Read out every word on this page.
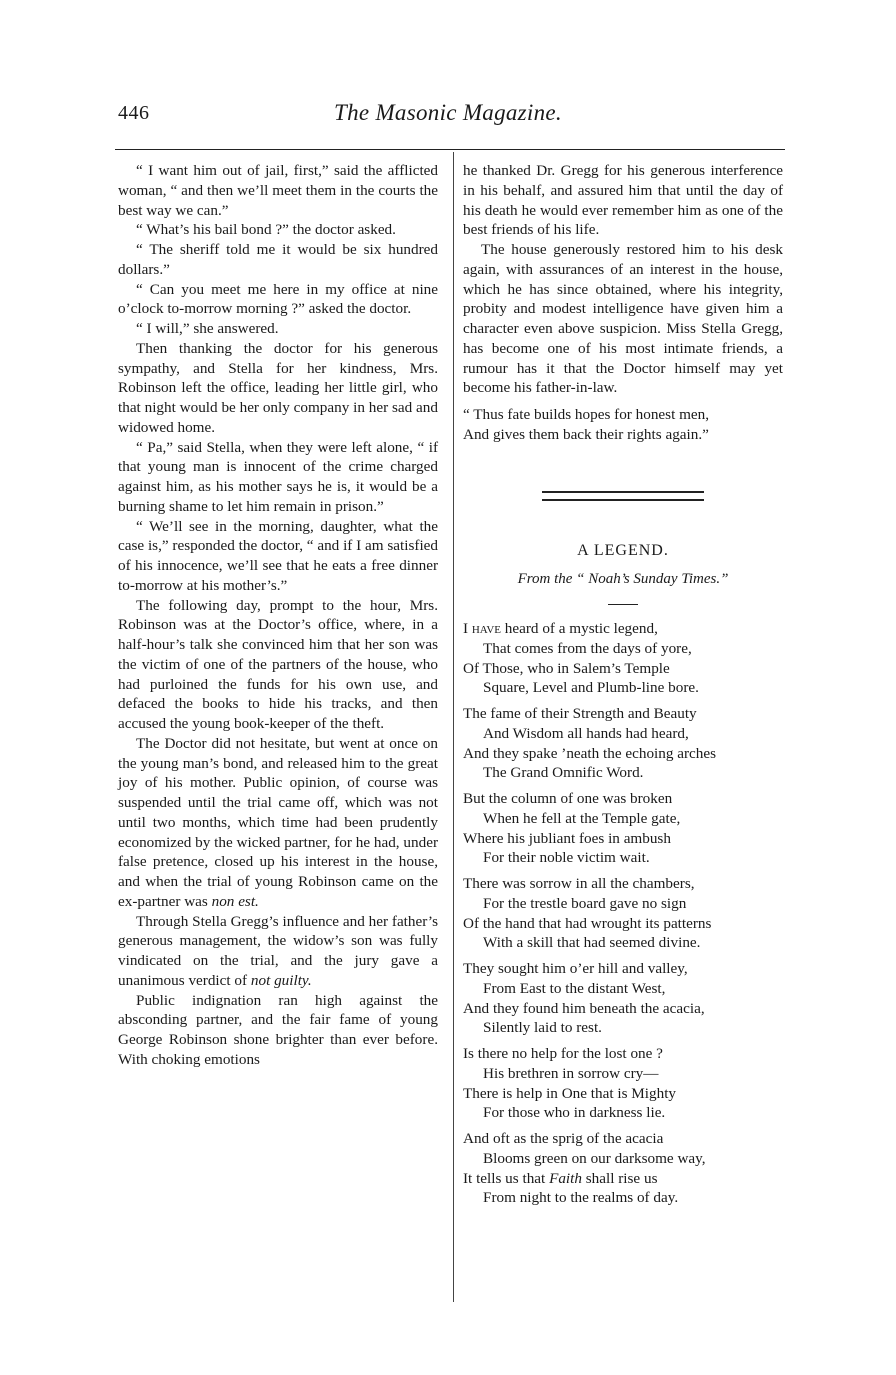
446	The Masonic Magazine.

“ I want him out of jail, first,” said the afflicted woman, “ and then we’ll meet them in the courts the best way we can.”

“ What’s his bail bond ?” the doctor asked.

“ The sheriff told me it would be six hundred dollars.”

“ Can you meet me here in my office at nine o’clock to-morrow morning ?” asked the doctor.

“ I will,” she answered.

Then thanking the doctor for his generous sympathy, and Stella for her kindness, Mrs. Robinson left the office, leading her little girl, who that night would be her only company in her sad and widowed home.

“ Pa,” said Stella, when they were left alone, “ if that young man is innocent of the crime charged against him, as his mother says he is, it would be a burning shame to let him remain in prison.”

“ We’ll see in the morning, daughter, what the case is,” responded the doctor, “ and if I am satisfied of his innocence, we’ll see that he eats a free dinner to-morrow at his mother’s.”

The following day, prompt to the hour, Mrs. Robinson was at the Doctor’s office, where, in a half-hour’s talk she convinced him that her son was the victim of one of the partners of the house, who had purloined the funds for his own use, and defaced the books to hide his tracks, and then accused the young book-keeper of the theft.

The Doctor did not hesitate, but went at once on the young man’s bond, and released him to the great joy of his mother. Public opinion, of course was suspended until the trial came off, which was not until two months, which time had been prudently economized by the wicked partner, for he had, under false pretence, closed up his interest in the house, and when the trial of young Robinson came on the ex-partner was non est.

Through Stella Gregg’s influence and her father’s generous management, the widow’s son was fully vindicated on the trial, and the jury gave a unanimous verdict of not guilty.

Public indignation ran high against the absconding partner, and the fair fame of young George Robinson shone brighter than ever before. With choking emotions

he thanked Dr. Gregg for his generous interference in his behalf, and assured him that until the day of his death he would ever remember him as one of the best friends of his life.

The house generously restored him to his desk again, with assurances of an interest in the house, which he has since obtained, where his integrity, probity and modest intelligence have given him a character even above suspicion. Miss Stella Gregg, has become one of his most intimate friends, a rumour has it that the Doctor himself may yet become his father-in-law.

“ Thus fate builds hopes for honest men,

And gives them back their rights again.”

A LEGEND.
From the “ Noah’s Sunday Times.”
I have heard of a mystic legend,
That comes from the days of yore,
Of Those, who in Salem’s Temple
Square, Level and Plumb-line bore.
The fame of their Strength and Beauty
And Wisdom all hands had heard,
And they spake ’neath the echoing arches
The Grand Omnific Word.
But the column of one was broken
When he fell at the Temple gate,
Where his jubliant foes in ambush
For their noble victim wait.
There was sorrow in all the chambers,
For the trestle board gave no sign
Of the hand that had wrought its patterns
With a skill that had seemed divine.
They sought him o’er hill and valley,
From East to the distant West,
And they found him beneath the acacia,
Silently laid to rest.
Is there no help for the lost one ?
His brethren in sorrow cry—
There is help in One that is Mighty
For those who in darkness lie.
And oft as the sprig of the acacia
Blooms green on our darksome way,
It tells us that Faith shall rise us
From night to the realms of day.
